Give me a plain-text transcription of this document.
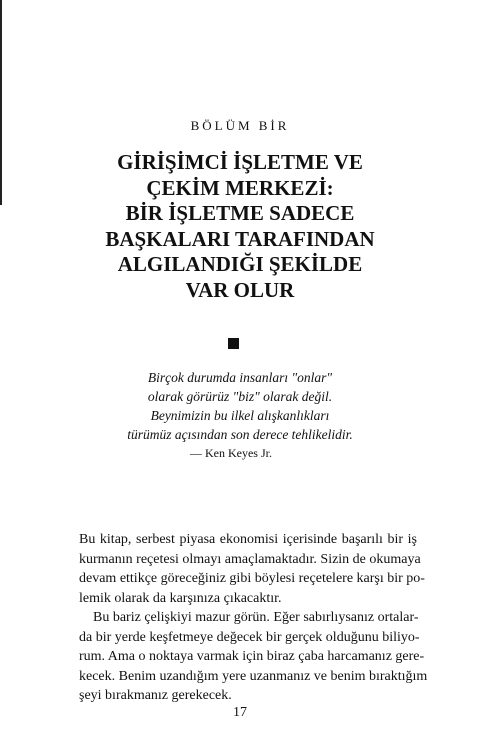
BÖLÜM BİR
GİRİŞİMCİ İŞLETME VE
ÇEKİM MERKEZİ:
BİR İŞLETME SADECE
BAŞKALARI TARAFINDAN
ALGILANDIĞI ŞEKİLDE
VAR OLUR
Birçok durumda insanları "onlar"
olarak görürüz "biz" olarak değil.
Beynimizin bu ilkel alışkanlıkları
türümüz açısından son derece tehlikelidir.
— Ken Keyes Jr.
Bu kitap, serbest piyasa ekonomisi içerisinde başarılı bir iş
kurmanın reçetesi olmayı amaçlamaktadır. Sizin de okumaya
devam ettikçe göreceğiniz gibi böylesi reçetelere karşı bir po-
lemik olarak da karşınıza çıkacaktır.
Bu bariz çelişkiyi mazur görün. Eğer sabırlıysanız ortalar-
da bir yerde keşfetmeye değecek bir gerçek olduğunu biliyo-
rum. Ama o noktaya varmak için biraz çaba harcamanız gere-
kecek. Benim uzandığım yere uzanmanız ve benim bıraktığım
şeyi bırakmanız gerekecek.
17
